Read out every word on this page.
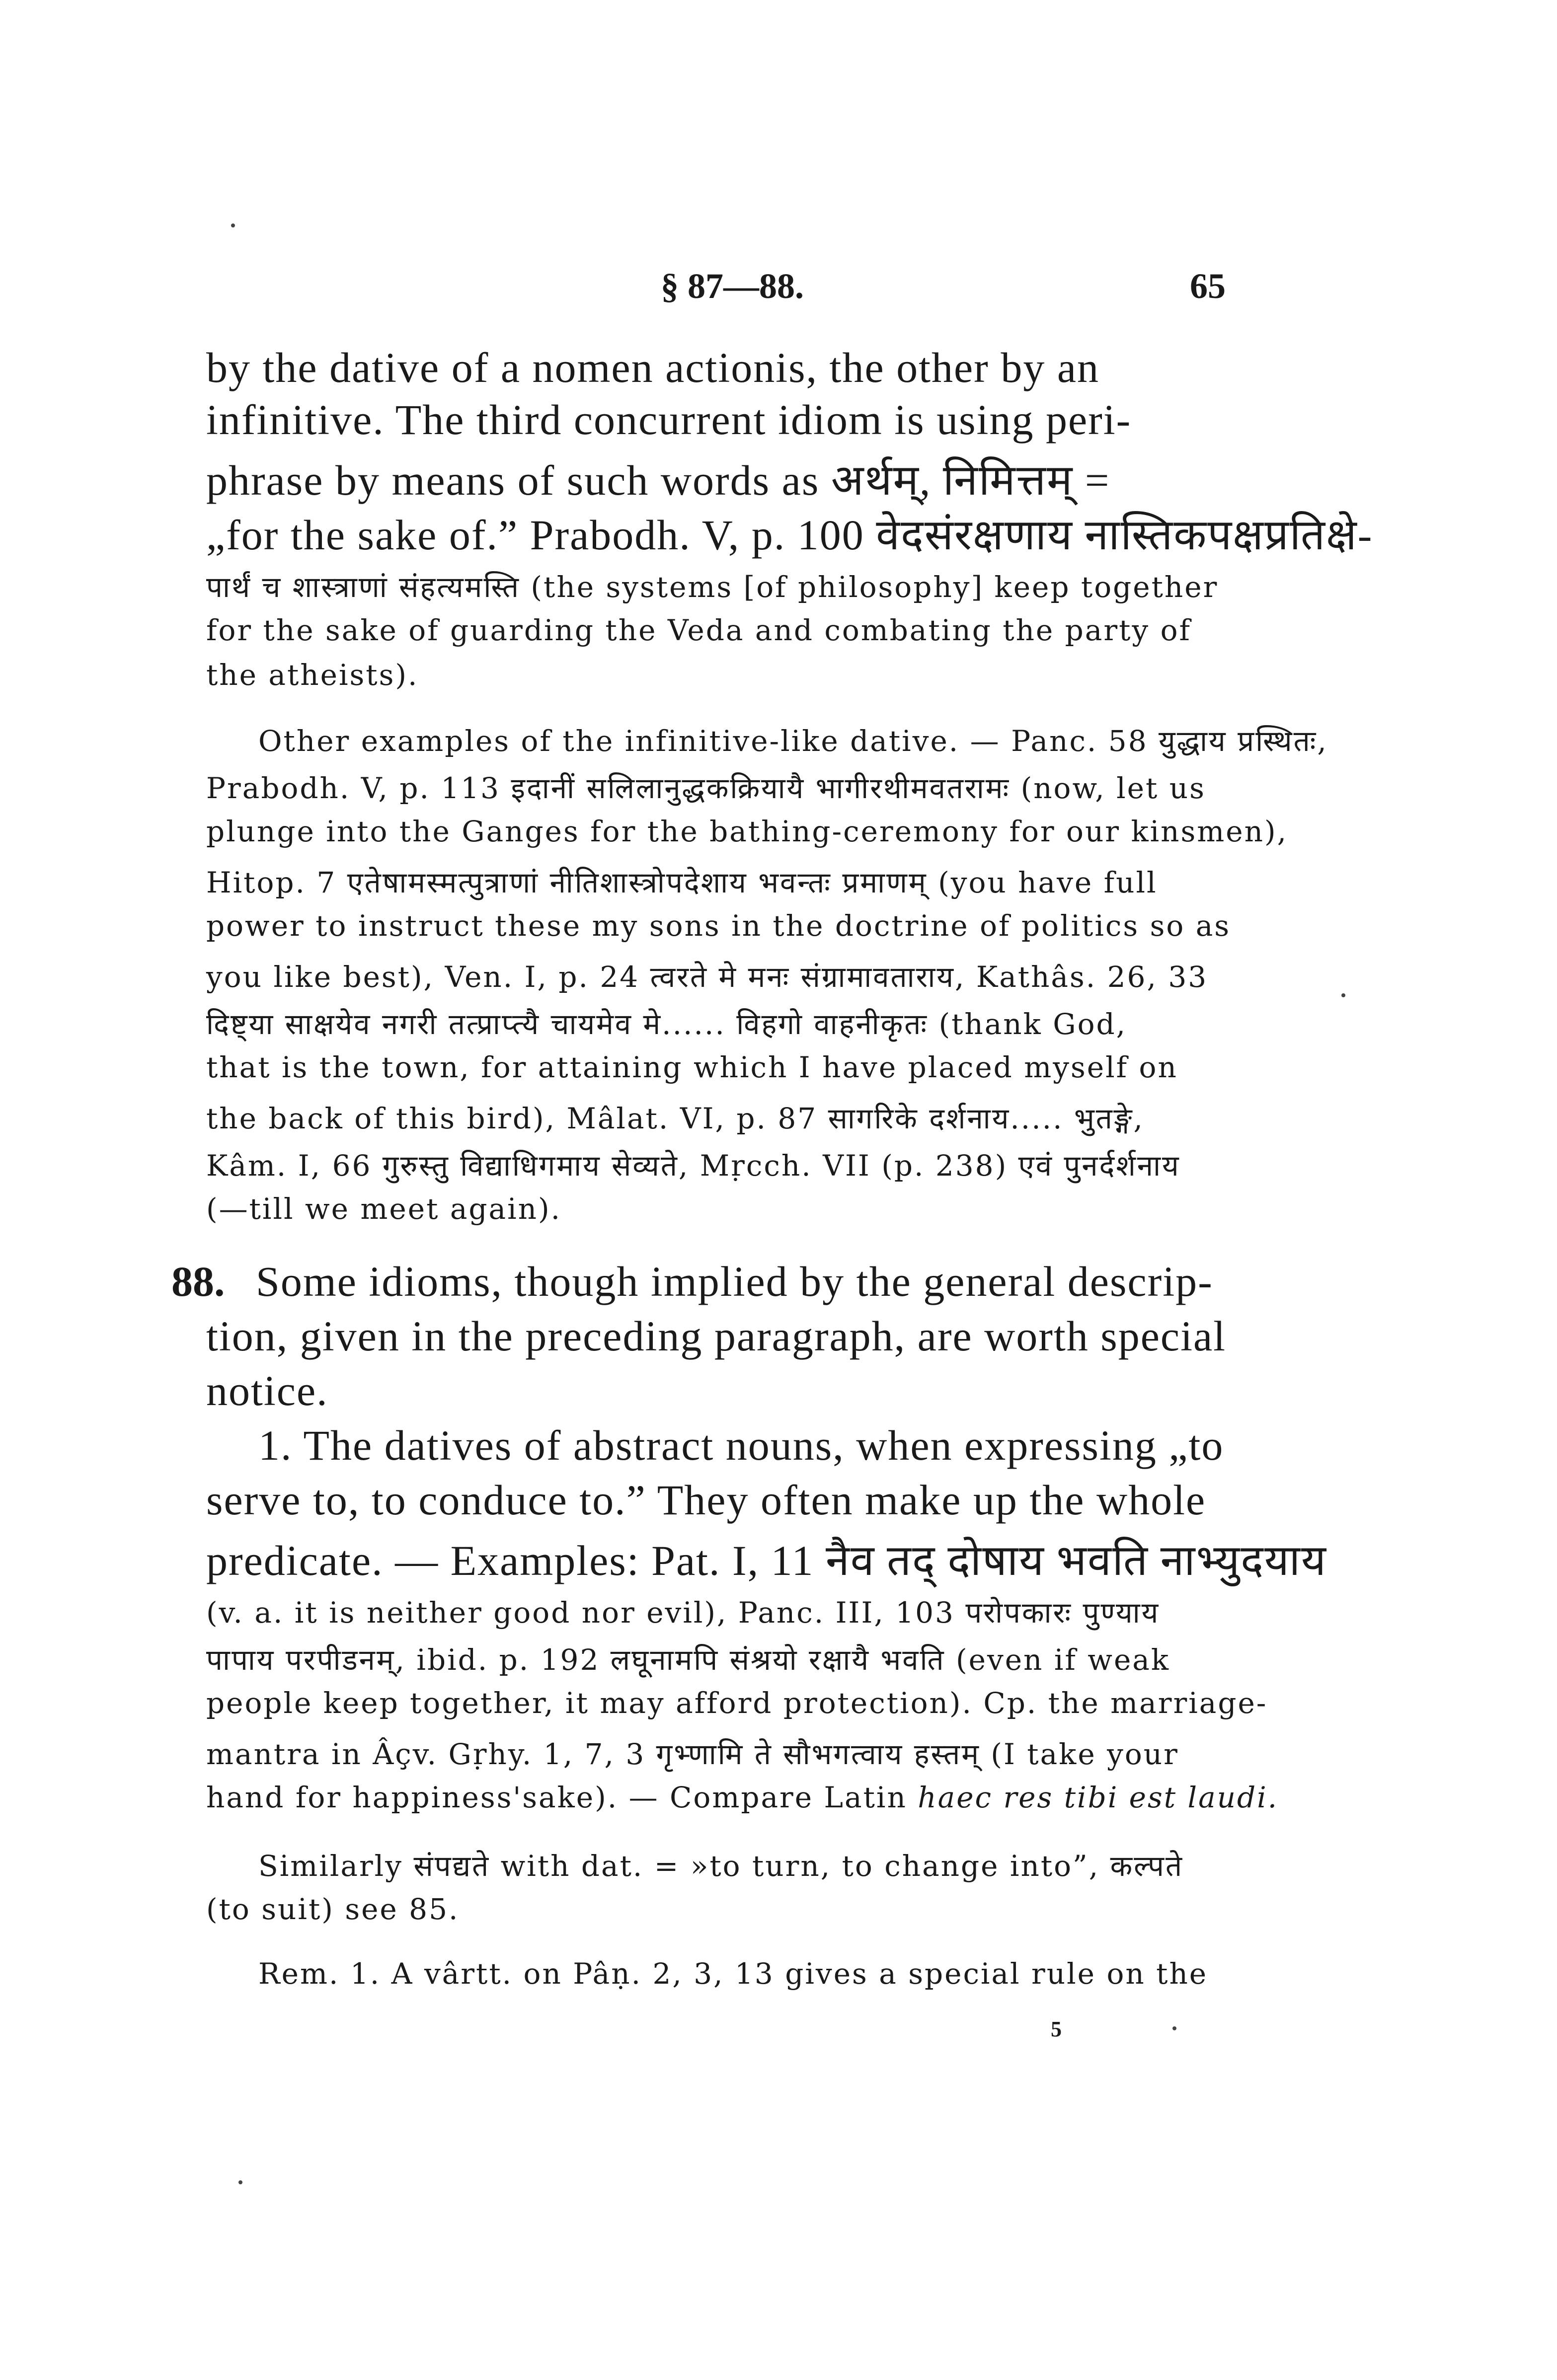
§ 87—88.	65
by the dative of a nomen actionis, the other by an
infinitive. The third concurrent idiom is using peri-
phrase by means of such words as अर्थम्, निमित्तम् =
„for the sake of.” Prabodh. V, p. 100 वेदसंरक्षणाय नास्तिकपक्षप्रतिक्षे-
पार्थं च शास्त्राणां संहत्यमस्ति (the systems [of philosophy] keep together
for the sake of guarding the Veda and combating the party of
the atheists).
Other examples of the infinitive-like dative. — Panc. 58 युद्धाय प्रस्थितः,
Prabodh. V, p. 113 इदानीं सलिलानुद्धकक्रियायै भागीरथीमवतरामः (now, let us
plunge into the Ganges for the bathing-ceremony for our kinsmen),
Hitop. 7 एतेषामस्मत्पुत्राणां नीतिशास्त्रोपदेशाय भवन्तः प्रमाणम् (you have full
power to instruct these my sons in the doctrine of politics so as
you like best), Ven. I, p. 24 त्वरते मे मनः संग्रामावताराय, Kathâs. 26, 33
दिष्ट्या साक्षयेव नगरी तत्प्राप्त्यै चायमेव मे...... विहगो वाहनीकृतः (thank God,
that is the town, for attaining which I have placed myself on
the back of this bird), Mâlat. VI, p. 87 सागरिके दर्शनाय..... भुतङ्गे,
Kâm. I, 66 गुरुस्तु विद्याधिगमाय सेव्यते, Mṛcch. VII (p. 238) एवं पुनर्दर्शनाय
(—till we meet again).
88. Some idioms, though implied by the general descrip-
tion, given in the preceding paragraph, are worth special
notice.
1. The datives of abstract nouns, when expressing „to
serve to, to conduce to.” They often make up the whole
predicate. — Examples: Pat. I, 11 नैव तद् दोषाय भवति नाभ्युदयाय
(v. a. it is neither good nor evil), Panc. III, 103 परोपकारः पुण्याय
पापाय परपीडनम्, ibid. p. 192 लघूनामपि संश्रयो रक्षायै भवति (even if weak
people keep together, it may afford protection). Cp. the marriage-
mantra in Âçv. Gṛhy. 1, 7, 3 गृभ्णामि ते सौभगत्वाय हस्तम् (I take your
hand for happiness'sake). — Compare Latin haec res tibi est laudi.
Similarly संपद्यते with dat. = »to turn, to change into”, कल्पते
(to suit) see 85.
Rem. 1. A vârtt. on Pâṇ. 2, 3, 13 gives a special rule on the
5
